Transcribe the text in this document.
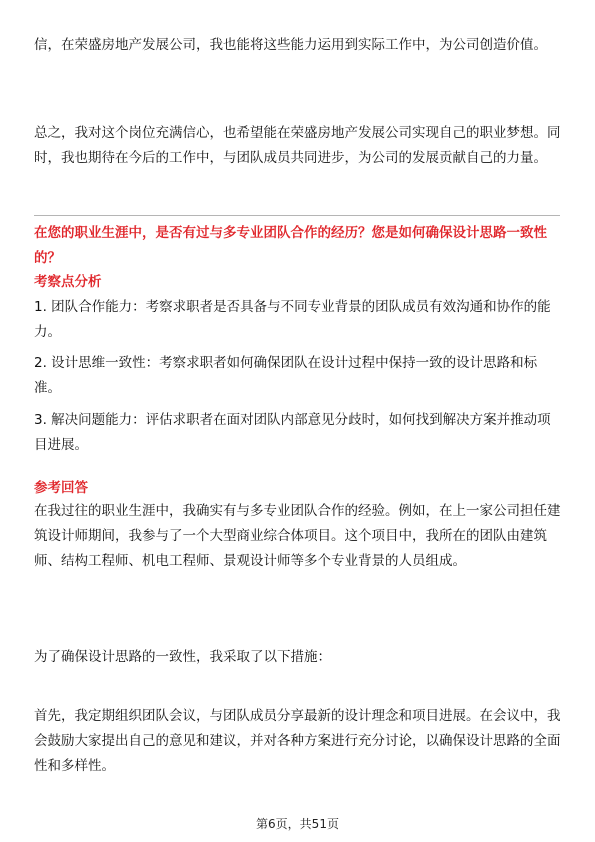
信，在荣盛房地产发展公司，我也能将这些能力运用到实际工作中，为公司创造价值。

总之，我对这个岗位充满信心，也希望能在荣盛房地产发展公司实现自己的职业梦想。同时，我也期待在今后的工作中，与团队成员共同进步，为公司的发展贡献自己的力量。

在您的职业生涯中，是否有过与多专业团队合作的经历？您是如何确保设计思路一致性的？

考察点分析

1. 团队合作能力：考察求职者是否具备与不同专业背景的团队成员有效沟通和协作的能力。

2. 设计思维一致性：考察求职者如何确保团队在设计过程中保持一致的设计思路和标准。

3. 解决问题能力：评估求职者在面对团队内部意见分歧时，如何找到解决方案并推动项目进展。

参考回答

在我过往的职业生涯中，我确实有与多专业团队合作的经验。例如，在上一家公司担任建筑设计师期间，我参与了一个大型商业综合体项目。这个项目中，我所在的团队由建筑师、结构工程师、机电工程师、景观设计师等多个专业背景的人员组成。

为了确保设计思路的一致性，我采取了以下措施：

首先，我定期组织团队会议，与团队成员分享最新的设计理念和项目进展。在会议中，我会鼓励大家提出自己的意见和建议，并对各种方案进行充分讨论，以确保设计思路的全面性和多样性。

第6页，共51页
